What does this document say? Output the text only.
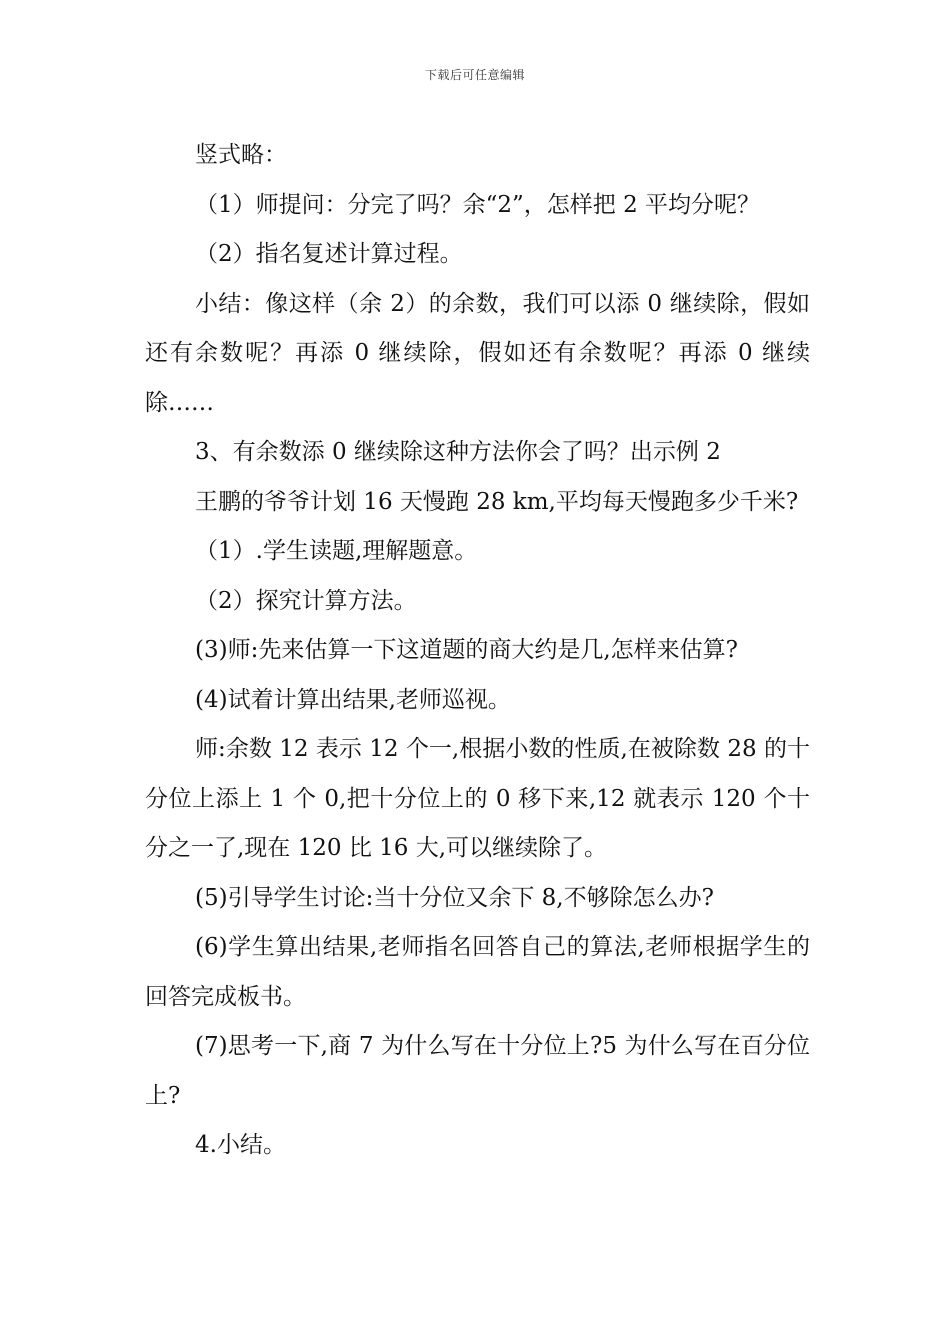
下载后可任意编辑

竖式略：

（1）师提问：分完了吗？余“2”，怎样把 2 平均分呢？

（2）指名复述计算过程。

小结：像这样（余 2）的余数，我们可以添 0 继续除，假如还有余数呢？再添 0 继续除，假如还有余数呢？再添 0 继续除……

3、有余数添 0 继续除这种方法你会了吗？出示例 2

王鹏的爷爷计划 16 天慢跑 28 km,平均每天慢跑多少千米?

（1）.学生读题,理解题意。

（2）探究计算方法。

(3)师:先来估算一下这道题的商大约是几,怎样来估算?

(4)试着计算出结果,老师巡视。

师:余数 12 表示 12 个一,根据小数的性质,在被除数 28 的十分位上添上 1 个 0,把十分位上的 0 移下来,12 就表示 120 个十分之一了,现在 120 比 16 大,可以继续除了。

(5)引导学生讨论:当十分位又余下 8,不够除怎么办?

(6)学生算出结果,老师指名回答自己的算法,老师根据学生的回答完成板书。

(7)思考一下,商 7 为什么写在十分位上?5 为什么写在百分位上?

4.小结。
